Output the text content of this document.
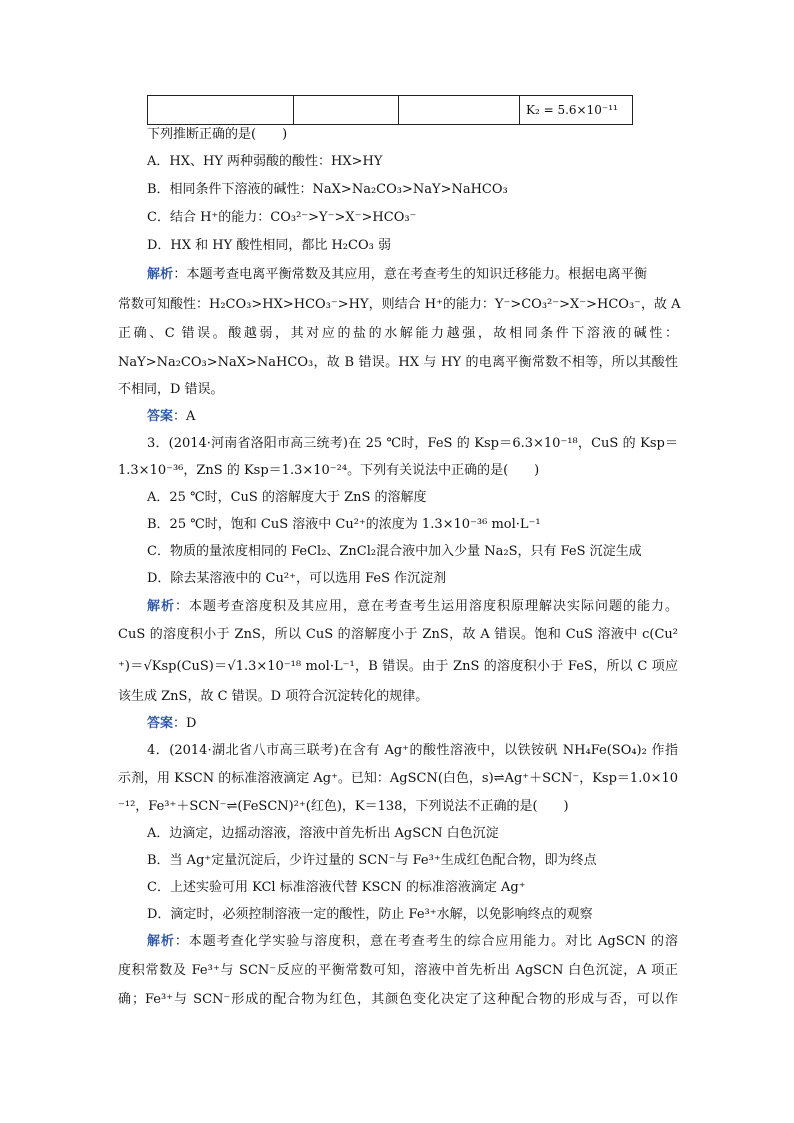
			K₂ = 5.6×10⁻¹¹
下列推断正确的是(　　)
A．HX、HY 两种弱酸的酸性：HX>HY
B．相同条件下溶液的碱性：NaX>Na₂CO₃>NaY>NaHCO₃
C．结合 H⁺的能力：CO₃²⁻>Y⁻>X⁻>HCO₃⁻
D．HX 和 HY 酸性相同，都比 H₂CO₃ 弱
解析：本题考查电离平衡常数及其应用，意在考查考生的知识迁移能力。根据电离平衡
常数可知酸性：H₂CO₃>HX>HCO₃⁻>HY，则结合 H⁺的能力：Y⁻>CO₃²⁻>X⁻>HCO₃⁻，故 A
正确、C 错误。酸越弱，其对应的盐的水解能力越强，故相同条件下溶液的碱性：
NaY>Na₂CO₃>NaX>NaHCO₃，故 B 错误。HX 与 HY 的电离平衡常数不相等，所以其酸性
不相同，D 错误。
答案：A
3．(2014·河南省洛阳市高三统考)在 25 ℃时，FeS 的 Ksp＝6.3×10⁻¹⁸，CuS 的 Ksp＝
1.3×10⁻³⁶，ZnS 的 Ksp＝1.3×10⁻²⁴。下列有关说法中正确的是(　　)
A．25 ℃时，CuS 的溶解度大于 ZnS 的溶解度
B．25 ℃时，饱和 CuS 溶液中 Cu²⁺的浓度为 1.3×10⁻³⁶ mol·L⁻¹
C．物质的量浓度相同的 FeCl₂、ZnCl₂混合液中加入少量 Na₂S，只有 FeS 沉淀生成
D．除去某溶液中的 Cu²⁺，可以选用 FeS 作沉淀剂
解析：本题考查溶度积及其应用，意在考查考生运用溶度积原理解决实际问题的能力。
CuS 的溶度积小于 ZnS，所以 CuS 的溶解度小于 ZnS，故 A 错误。饱和 CuS 溶液中 c(Cu²
⁺)＝√Ksp(CuS)＝√1.3×10⁻¹⁸ mol·L⁻¹，B 错误。由于 ZnS 的溶度积小于 FeS，所以 C 项应
该生成 ZnS，故 C 错误。D 项符合沉淀转化的规律。
答案：D
4．(2014·湖北省八市高三联考)在含有 Ag⁺的酸性溶液中，以铁铵矾 NH₄Fe(SO₄)₂ 作指
示剂，用 KSCN 的标准溶液滴定 Ag⁺。已知：AgSCN(白色，s)⇌Ag⁺＋SCN⁻，Ksp＝1.0×10
⁻¹²，Fe³⁺＋SCN⁻⇌(FeSCN)²⁺(红色)，K＝138，下列说法不正确的是(　　)
A．边滴定，边摇动溶液，溶液中首先析出 AgSCN 白色沉淀
B．当 Ag⁺定量沉淀后，少许过量的 SCN⁻与 Fe³⁺生成红色配合物，即为终点
C．上述实验可用 KCl 标准溶液代替 KSCN 的标准溶液滴定 Ag⁺
D．滴定时，必须控制溶液一定的酸性，防止 Fe³⁺水解，以免影响终点的观察
解析：本题考查化学实验与溶度积，意在考查考生的综合应用能力。对比 AgSCN 的溶
度积常数及 Fe³⁺与 SCN⁻反应的平衡常数可知，溶液中首先析出 AgSCN 白色沉淀，A 项正
确；Fe³⁺与 SCN⁻形成的配合物为红色，其颜色变化决定了这种配合物的形成与否，可以作
